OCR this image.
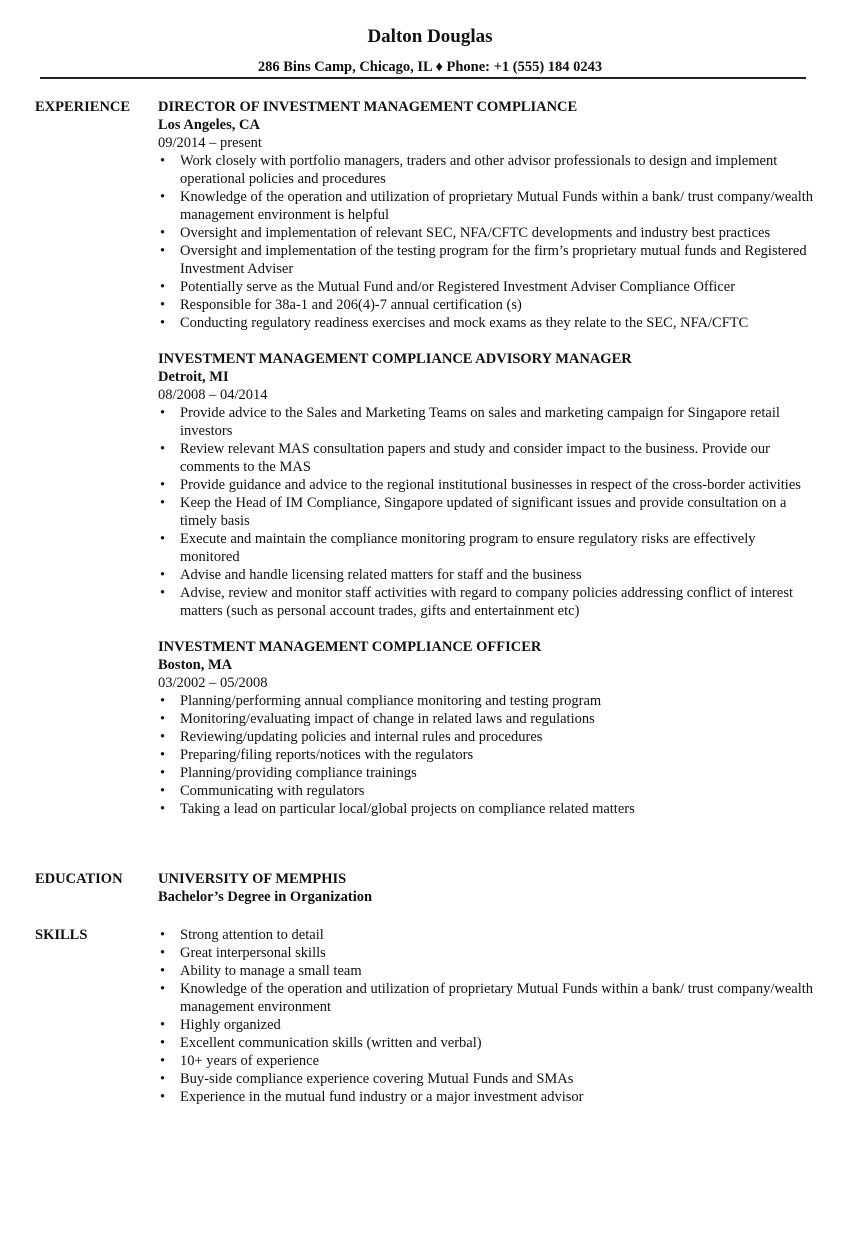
Dalton Douglas
286 Bins Camp, Chicago, IL ♦ Phone: +1 (555) 184 0243
EXPERIENCE DIRECTOR OF INVESTMENT MANAGEMENT COMPLIANCE
Los Angeles, CA
09/2014 – present
• Work closely with portfolio managers, traders and other advisor professionals to design and implement operational policies and procedures
• Knowledge of the operation and utilization of proprietary Mutual Funds within a bank/ trust company/wealth management environment is helpful
• Oversight and implementation of relevant SEC, NFA/CFTC developments and industry best practices
• Oversight and implementation of the testing program for the firm’s proprietary mutual funds and Registered Investment Adviser
• Potentially serve as the Mutual Fund and/or Registered Investment Adviser Compliance Officer
• Responsible for 38a-1 and 206(4)-7 annual certification (s)
• Conducting regulatory readiness exercises and mock exams as they relate to the SEC, NFA/CFTC
INVESTMENT MANAGEMENT COMPLIANCE ADVISORY MANAGER
Detroit, MI
08/2008 – 04/2014
• Provide advice to the Sales and Marketing Teams on sales and marketing campaign for Singapore retail investors
• Review relevant MAS consultation papers and study and consider impact to the business. Provide our comments to the MAS
• Provide guidance and advice to the regional institutional businesses in respect of the cross-border activities
• Keep the Head of IM Compliance, Singapore updated of significant issues and provide consultation on a timely basis
• Execute and maintain the compliance monitoring program to ensure regulatory risks are effectively monitored
• Advise and handle licensing related matters for staff and the business
• Advise, review and monitor staff activities with regard to company policies addressing conflict of interest matters (such as personal account trades, gifts and entertainment etc)
INVESTMENT MANAGEMENT COMPLIANCE OFFICER
Boston, MA
03/2002 – 05/2008
• Planning/performing annual compliance monitoring and testing program
• Monitoring/evaluating impact of change in related laws and regulations
• Reviewing/updating policies and internal rules and procedures
• Preparing/filing reports/notices with the regulators
• Planning/providing compliance trainings
• Communicating with regulators
• Taking a lead on particular local/global projects on compliance related matters
EDUCATION UNIVERSITY OF MEMPHIS
Bachelor’s Degree in Organization
SKILLS
•	Strong attention to detail
• Great interpersonal skills
• Ability to manage a small team
• Knowledge of the operation and utilization of proprietary Mutual Funds within a bank/ trust company/wealth management environment
• Highly organized
• Excellent communication skills (written and verbal)
• 10+ years of experience
• Buy-side compliance experience covering Mutual Funds and SMAs
• Experience in the mutual fund industry or a major investment advisor
